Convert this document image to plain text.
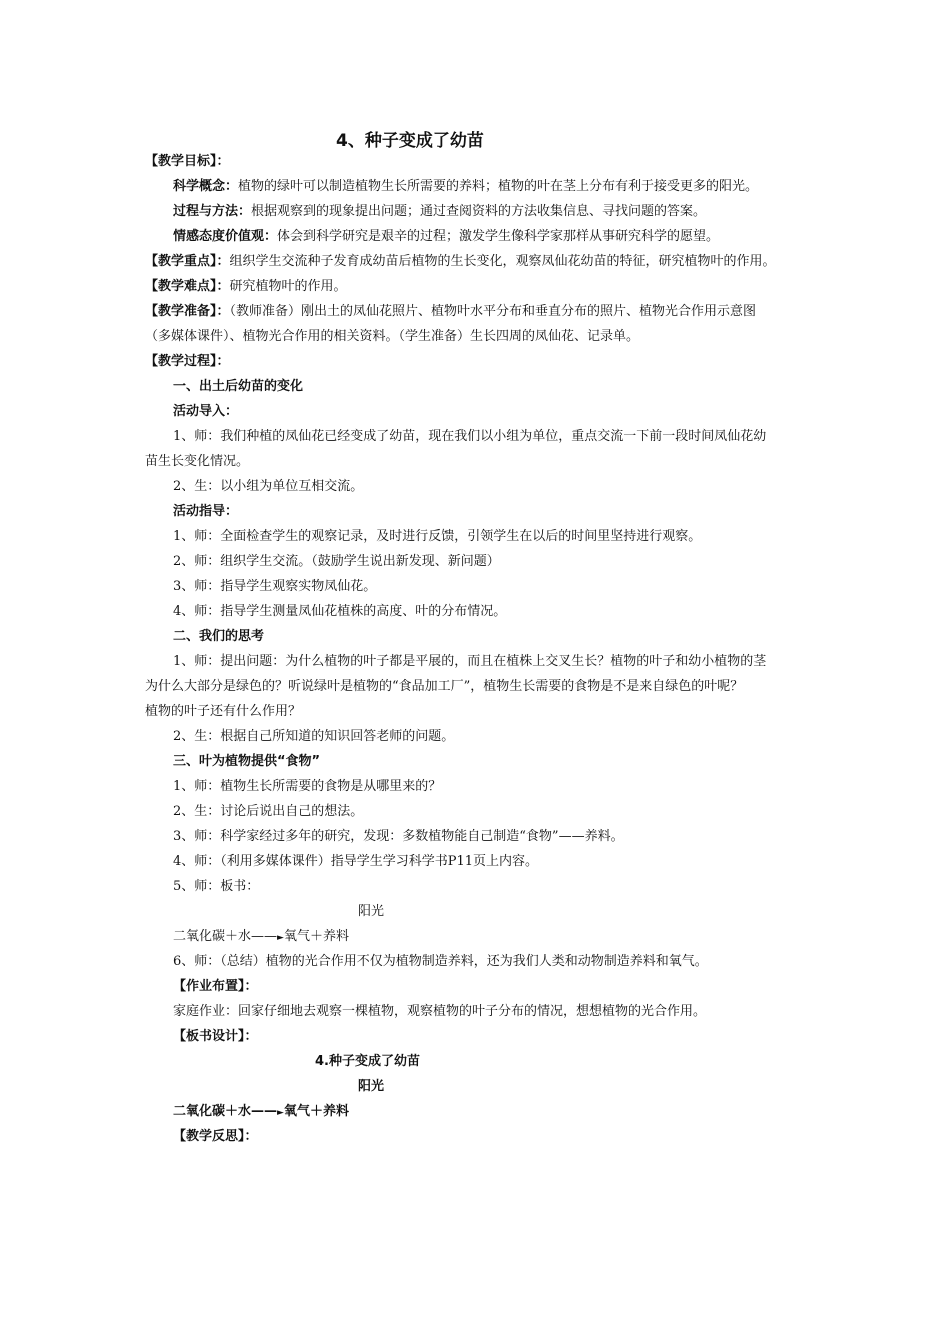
4、种子变成了幼苗
【教学目标】：
科学概念：植物的绿叶可以制造植物生长所需要的养料；植物的叶在茎上分布有利于接受更多的阳光。
过程与方法：根据观察到的现象提出问题；通过查阅资料的方法收集信息、寻找问题的答案。
情感态度价值观：体会到科学研究是艰辛的过程；激发学生像科学家那样从事研究科学的愿望。
【教学重点】：组织学生交流种子发育成幼苗后植物的生长变化，观察凤仙花幼苗的特征，研究植物叶的作用。
【教学难点】：研究植物叶的作用。
【教学准备】：（教师准备）刚出土的凤仙花照片、植物叶水平分布和垂直分布的照片、植物光合作用示意图
（多媒体课件）、植物光合作用的相关资料。（学生准备）生长四周的凤仙花、记录单。
【教学过程】：
一、出土后幼苗的变化
活动导入：
1、师：我们种植的凤仙花已经变成了幼苗，现在我们以小组为单位，重点交流一下前一段时间凤仙花幼
苗生长变化情况。
2、生：以小组为单位互相交流。
活动指导：
1、师：全面检查学生的观察记录，及时进行反馈，引领学生在以后的时间里坚持进行观察。
2、师：组织学生交流。（鼓励学生说出新发现、新问题）
3、师：指导学生观察实物凤仙花。
4、师：指导学生测量凤仙花植株的高度、叶的分布情况。
二、我们的思考
1、师：提出问题：为什么植物的叶子都是平展的，而且在植株上交叉生长？植物的叶子和幼小植物的茎
为什么大部分是绿色的？听说绿叶是植物的“食品加工厂”，植物生长需要的食物是不是来自绿色的叶呢？
植物的叶子还有什么作用？
2、生：根据自己所知道的知识回答老师的问题。
三、叶为植物提供“食物”
1、师：植物生长所需要的食物是从哪里来的？
2、生：讨论后说出自己的想法。
3、师：科学家经过多年的研究，发现：多数植物能自己制造“食物”——养料。
4、师：（利用多媒体课件）指导学生学习科学书P11页上内容。
5、师：板书：
阳光
二氧化碳＋水——►氧气＋养料
6、师：（总结）植物的光合作用不仅为植物制造养料，还为我们人类和动物制造养料和氧气。
【作业布置】：
家庭作业：回家仔细地去观察一棵植物，观察植物的叶子分布的情况，想想植物的光合作用。
【板书设计】：
4.种子变成了幼苗
阳光
二氧化碳＋水——►氧气＋养料
【教学反思】：
